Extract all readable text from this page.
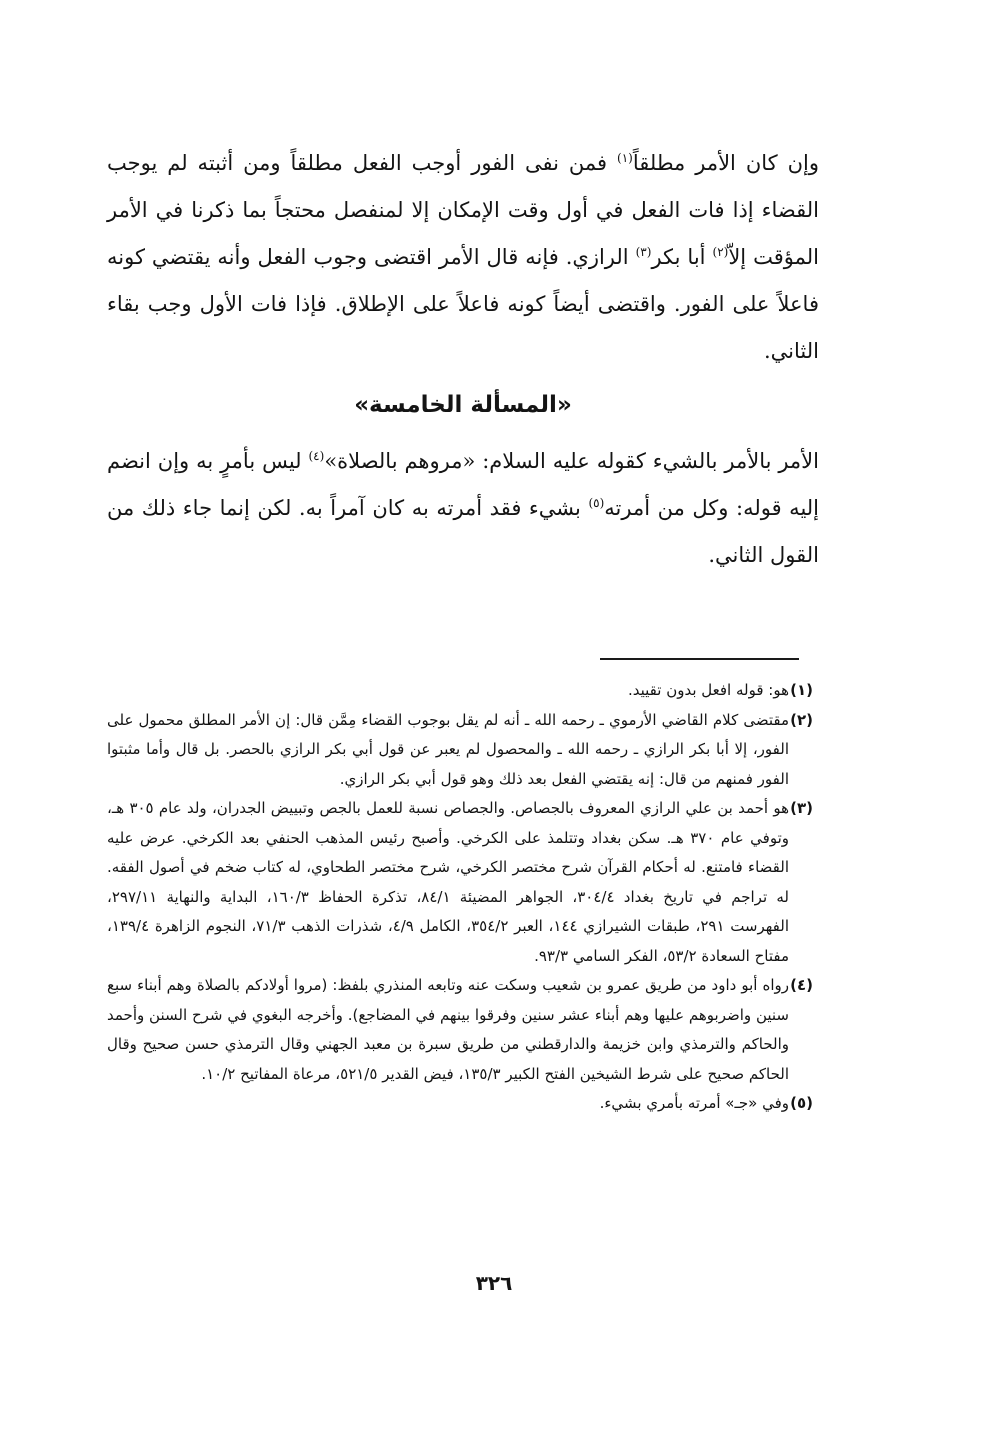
وإن كان الأمر مطلقاً$^{(١)}$ فمن نفى الفور أوجب الفعل مطلقاً ومن أثبته لم يوجب القضاء إذا فات الفعل في أول وقت الإمكان إلا لمنفصل محتجاً بما ذكرنا في الأمر المؤقت إلاّ$^{(٢)}$ أبا بكر$^{(٣)}$ الرازي. فإنه قال الأمر اقتضى وجوب الفعل وأنه يقتضي كونه فاعلاً على الفور. واقتضى أيضاً كونه فاعلاً على الإطلاق. فإذا فات الأول وجب بقاء الثاني.

«المسألة الخامسة»

الأمر بالأمر بالشيء كقوله عليه السلام: «مروهم بالصلاة»$^{(٤)}$ ليس بأمرٍ به وإن انضم إليه قوله: وكل من أمرته$^{(٥)}$ بشيء فقد أمرته به كان آمراً به. لكن إنما جاء ذلك من القول الثاني.

(١)
هو: قوله افعل بدون تقييد.

(٢)
مقتضى كلام القاضي الأرموي ـ رحمه الله ـ أنه لم يقل بوجوب القضاء مِمَّن قال: إن الأمر المطلق محمول على الفور، إلا أبا بكر الرازي ـ رحمه الله ـ والمحصول لم يعبر عن قول أبي بكر الرازي بالحصر. بل قال وأما مثبتوا الفور فمنهم من قال: إنه يقتضي الفعل بعد ذلك وهو قول أبي بكر الرازي.

(٣)
هو أحمد بن علي الرازي المعروف بالجصاص. والجصاص نسبة للعمل بالجص وتبييض الجدران، ولد عام ٣٠٥ هـ، وتوفي عام ٣٧٠ هـ. سكن بغداد وتتلمذ على الكرخي. وأصبح رئيس المذهب الحنفي بعد الكرخي. عرض عليه القضاء فامتنع. له أحكام القرآن شرح مختصر الكرخي، شرح مختصر الطحاوي، له كتاب ضخم في أصول الفقه. له تراجم في تاريخ بغداد ٣٠٤/٤، الجواهر المضيئة ٨٤/١، تذكرة الحفاظ ١٦٠/٣، البداية والنهاية ٢٩٧/١١، الفهرست ٢٩١، طبقات الشيرازي ١٤٤، العبر ٣٥٤/٢، الكامل ٤/٩، شذرات الذهب ٧١/٣، النجوم الزاهرة ١٣٩/٤، مفتاح السعادة ٥٣/٢، الفكر السامي ٩٣/٣.

(٤)
رواه أبو داود من طريق عمرو بن شعيب وسكت عنه وتابعه المنذري بلفظ: (مروا أولادكم بالصلاة وهم أبناء سبع سنين واضربوهم عليها وهم أبناء عشر سنين وفرقوا بينهم في المضاجع). وأخرجه البغوي في شرح السنن وأحمد والحاكم والترمذي وابن خزيمة والدارقطني من طريق سبرة بن معبد الجهني وقال الترمذي حسن صحيح وقال الحاكم صحيح على شرط الشيخين الفتح الكبير ١٣٥/٣، فيض القدير ٥٢١/٥، مرعاة المفاتيح ١٠/٢.

(٥)
وفي «جـ» أمرته بأمري بشيء.

٣٢٦
